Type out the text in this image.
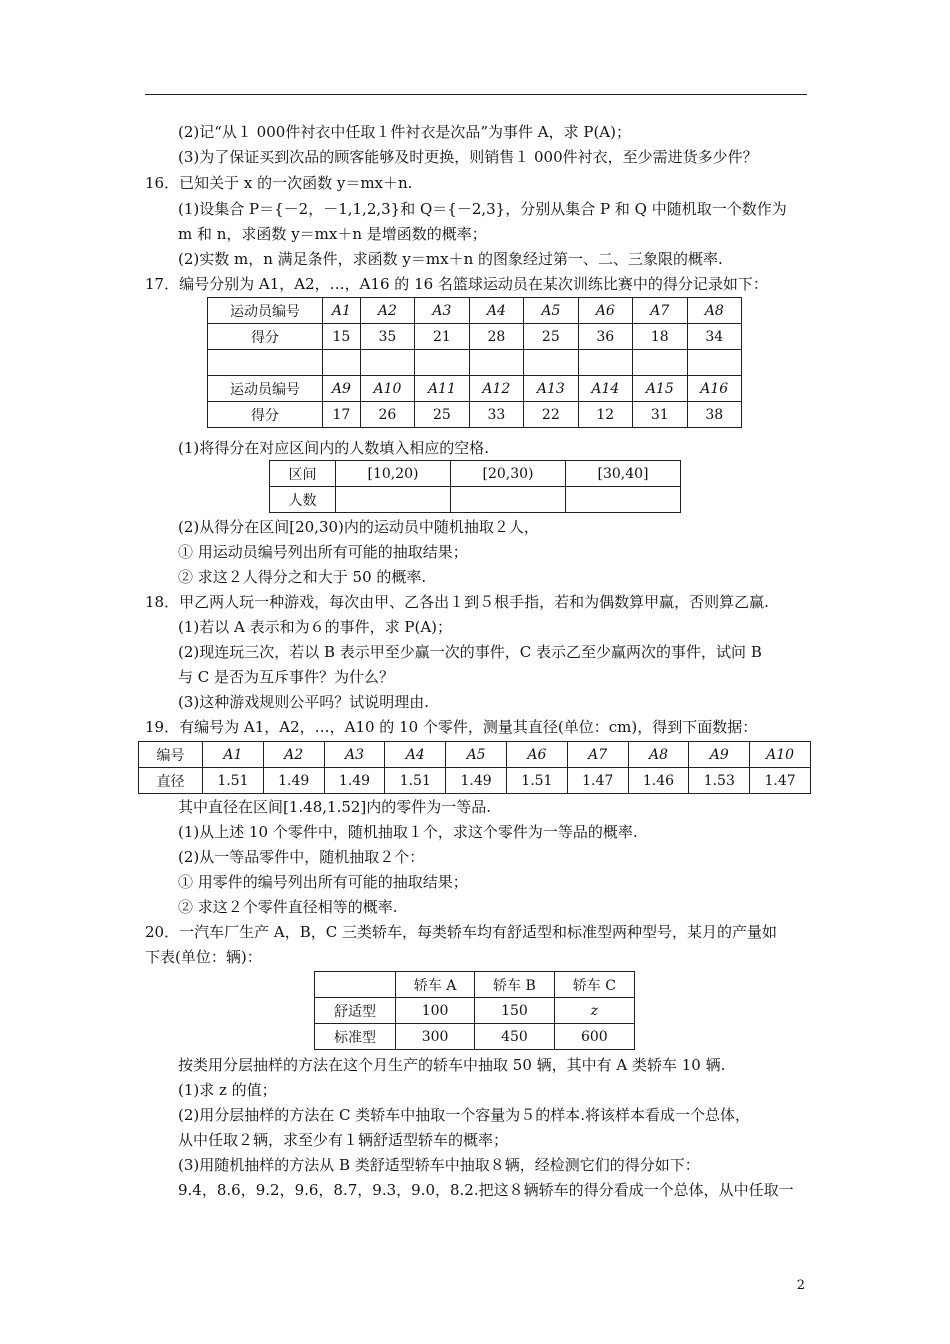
(2)记“从１ 000件衬衣中任取１件衬衣是次品”为事件 A，求 P(A)；
(3)为了保证买到次品的顾客能够及时更换，则销售１ 000件衬衣，至少需进货多少件？
16．已知关于 x 的一次函数 y＝mx＋n.
(1)设集合 P＝{－2，－1,1,2,3}和 Q＝{－2,3}，分别从集合 P 和 Q 中随机取一个数作为
m 和 n，求函数 y＝mx＋n 是增函数的概率；
(2)实数 m，n 满足条件，求函数 y＝mx＋n 的图象经过第一、二、三象限的概率.
17．编号分别为 A1，A2，…，A16 的 16 名篮球运动员在某次训练比赛中的得分记录如下：
运动员编号	A1	A2	A3	A4	A5	A6	A7	A8
得分	15	35	21	28	25	36	18	34

运动员编号	A9	A10	A11	A12	A13	A14	A15	A16
得分	17	26	25	33	22	12	31	38
(1)将得分在对应区间内的人数填入相应的空格.
区间	[10,20)	[20,30)	[30,40]
人数			
(2)从得分在区间[20,30)内的运动员中随机抽取２人，
① 用运动员编号列出所有可能的抽取结果；
② 求这２人得分之和大于 50 的概率.
18．甲乙两人玩一种游戏，每次由甲、乙各出１到５根手指，若和为偶数算甲赢，否则算乙赢.
(1)若以 A 表示和为６的事件，求 P(A)；
(2)现连玩三次，若以 B 表示甲至少赢一次的事件，C 表示乙至少赢两次的事件，试问 B
与 C 是否为互斥事件？为什么？
(3)这种游戏规则公平吗？试说明理由.
19．有编号为 A1，A2，…，A10 的 10 个零件，测量其直径(单位：cm)，得到下面数据：
编号	A1	A2	A3	A4	A5	A6	A7	A8	A9	A10
直径	1.51	1.49	1.49	1.51	1.49	1.51	1.47	1.46	1.53	1.47
其中直径在区间[1.48,1.52]内的零件为一等品.
(1)从上述 10 个零件中，随机抽取１个，求这个零件为一等品的概率.
(2)从一等品零件中，随机抽取２个：
① 用零件的编号列出所有可能的抽取结果；
② 求这２个零件直径相等的概率.
20．一汽车厂生产 A，B，C 三类轿车，每类轿车均有舒适型和标准型两种型号，某月的产量如
下表(单位：辆)：
	轿车 A	轿车 B	轿车 C
舒适型	100	150	z
标准型	300	450	600
按类用分层抽样的方法在这个月生产的轿车中抽取 50 辆，其中有 A 类轿车 10 辆.
(1)求 z 的值；
(2)用分层抽样的方法在 C 类轿车中抽取一个容量为５的样本.将该样本看成一个总体，
从中任取２辆，求至少有１辆舒适型轿车的概率；
(3)用随机抽样的方法从 B 类舒适型轿车中抽取８辆，经检测它们的得分如下：
9.4，8.6，9.2，9.6，8.7，9.3，9.0，8.2.把这８辆轿车的得分看成一个总体，从中任取一
2
